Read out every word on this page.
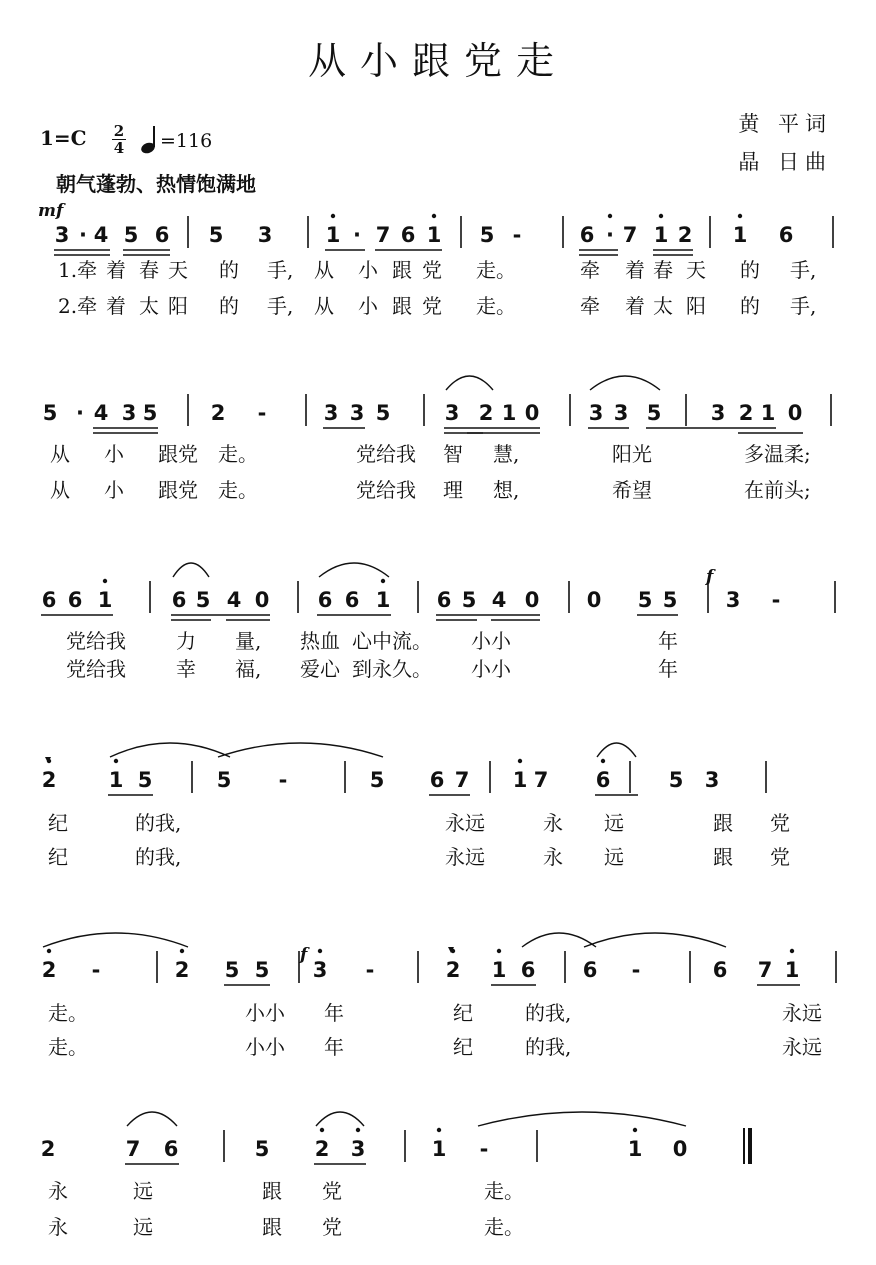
从小跟党走
黄 平词
晶 日曲
1=C 2
4 =116
朝气蓬勃、热情饱满地
3 · 4 5 6 5 3	1 · 7 6 1 5 -	6 · 7 1 2 1 6
1.牵 着 春 天 的 手, 从 小 跟 党 走。	牵 着 春 天 的 手,
2.牵 着 太 阳 的 手, 从 小 跟 党 走。	牵 着 太 阳 的 手,
mf
5 · 4 3 5	2 -	3 3 5	3 2 1 0 3 3 5 3 2 1 0
从 小 跟党 走。	党给我 智 慧,	阳光	多温柔;
从 小 跟党 走。	党给我 理 想,	希望	在前头;
6 6 1	6 5 4 0 6 6 1 6 5 4 0 0 5 5 3 -
党给我	力 量, 热血 心中流。 小小	年
党给我	幸 福, 爱心 到永久。 小小	年
f
2 1 5	5 -	5 6 7 1 7 6	5 3
纪	的我,	永远	永 远	跟 党
纪	的我,	永远	永 远	跟 党
2 -	2 5 5 3 -	2 1 6 6 -	6 7 1
走。	小小 年	纪	的我,	永远
走。	小小 年	纪	的我,	永远
f
2	7 6	5 2 3	1 -	1 0
永	远	跟 党	走。
永	远	跟 党	走。
